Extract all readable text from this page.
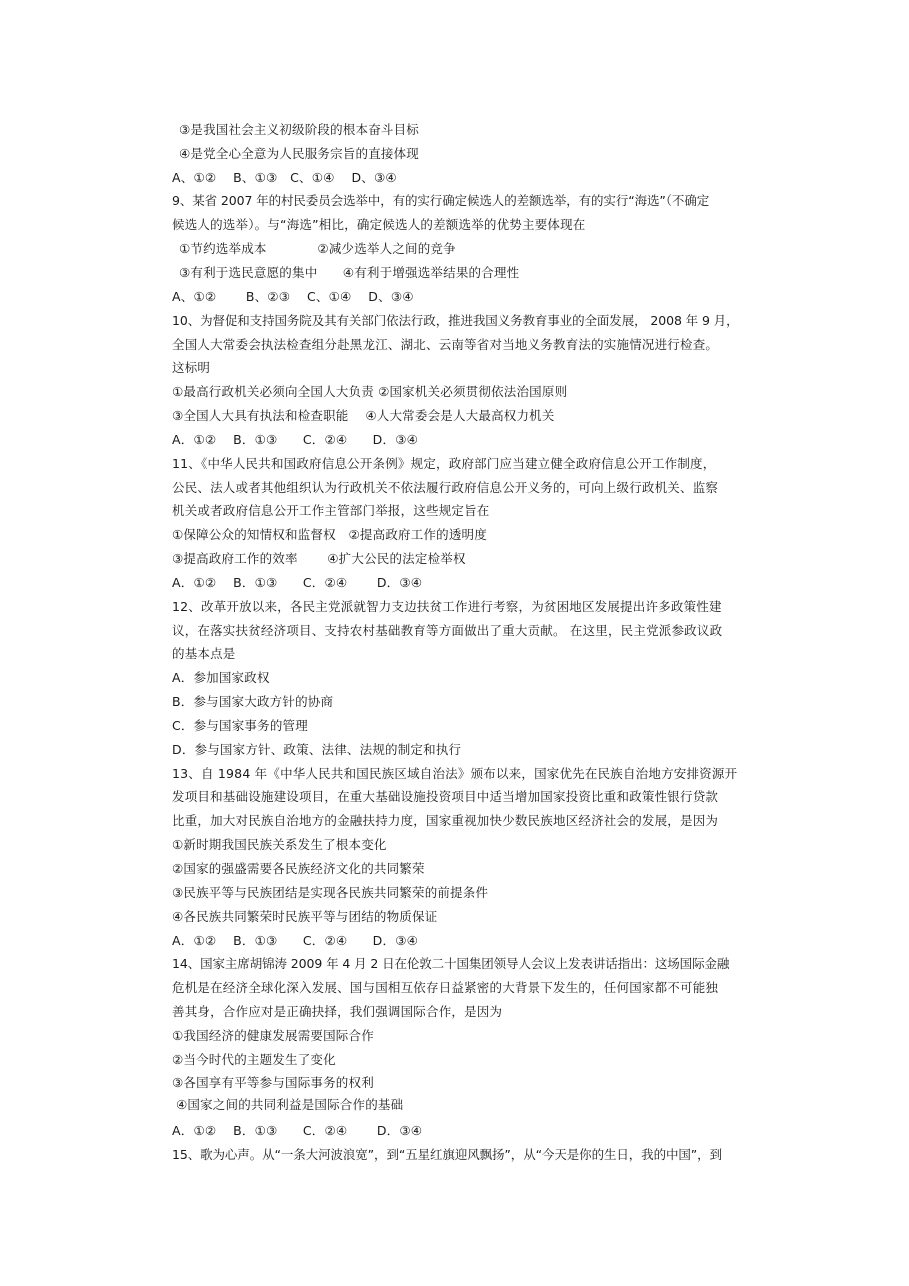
③是我国社会主义初级阶段的根本奋斗目标
④是党全心全意为人民服务宗旨的直接体现
A、①②　 B、①③　C、①④　 D、③④
9、某省 2007 年的村民委员会选举中，有的实行确定候选人的差额选举，有的实行“海选”（不确定
候选人的选举）。与“海选”相比，确定候选人的差额选举的优势主要体现在
①节约选举成本　　　　②减少选举人之间的竞争
③有利于选民意愿的集中　　④有利于增强选举结果的合理性
A、①②　　 B、②③　 C、①④　 D、③④
10、为督促和支持国务院及其有关部门依法行政，推进我国义务教育事业的全面发展， 2008 年 9 月，
全国人大常委会执法检查组分赴黑龙江、湖北、云南等省对当地义务教育法的实施情况进行检查。
这标明
①最高行政机关必须向全国人大负责 ②国家机关必须贯彻依法治国原则
③全国人大具有执法和检查职能　 ④人大常委会是人大最高权力机关
A．①②　 B．①③　　C．②④　　D．③④
11、《中华人民共和国政府信息公开条例》规定，政府部门应当建立健全政府信息公开工作制度，
公民、法人或者其他组织认为行政机关不依法履行政府信息公开义务的，可向上级行政机关、监察
机关或者政府信息公开工作主管部门举报，这些规定旨在
①保障公众的知情权和监督权　②提高政府工作的透明度
③提高政府工作的效率　　 ④扩大公民的法定检举权
A．①②　 B．①③　　C．②④　　 D．③④
12、改革开放以来，各民主党派就智力支边扶贫工作进行考察，为贫困地区发展提出许多政策性建
议，在落实扶贫经济项目、支持农村基础教育等方面做出了重大贡献。 在这里，民主党派参政议政
的基本点是
A．参加国家政权
B．参与国家大政方针的协商
C．参与国家事务的管理
D．参与国家方针、政策、法律、法规的制定和执行
13、自 1984 年《中华人民共和国民族区域自治法》颁布以来，国家优先在民族自治地方安排资源开
发项目和基础设施建设项目，在重大基础设施投资项目中适当增加国家投资比重和政策性银行贷款
比重，加大对民族自治地方的金融扶持力度，国家重视加快少数民族地区经济社会的发展，是因为
①新时期我国民族关系发生了根本变化
②国家的强盛需要各民族经济文化的共同繁荣
③民族平等与民族团结是实现各民族共同繁荣的前提条件
④各民族共同繁荣时民族平等与团结的物质保证
A．①②　 B．①③　　C．②④　　D．③④
14、国家主席胡锦涛 2009 年 4 月 2 日在伦敦二十国集团领导人会议上发表讲话指出：这场国际金融
危机是在经济全球化深入发展、国与国相互依存日益紧密的大背景下发生的，任何国家都不可能独
善其身，合作应对是正确抉择，我们强调国际合作，是因为
①我国经济的健康发展需要国际合作
②当今时代的主题发生了变化
③各国享有平等参与国际事务的权利
④国家之间的共同利益是国际合作的基础
A．①②　 B．①③　　C．②④　　 D．③④
15、歌为心声。从“一条大河波浪宽”，到“五星红旗迎风飘扬”，从“今天是你的生日，我的中国”，到
